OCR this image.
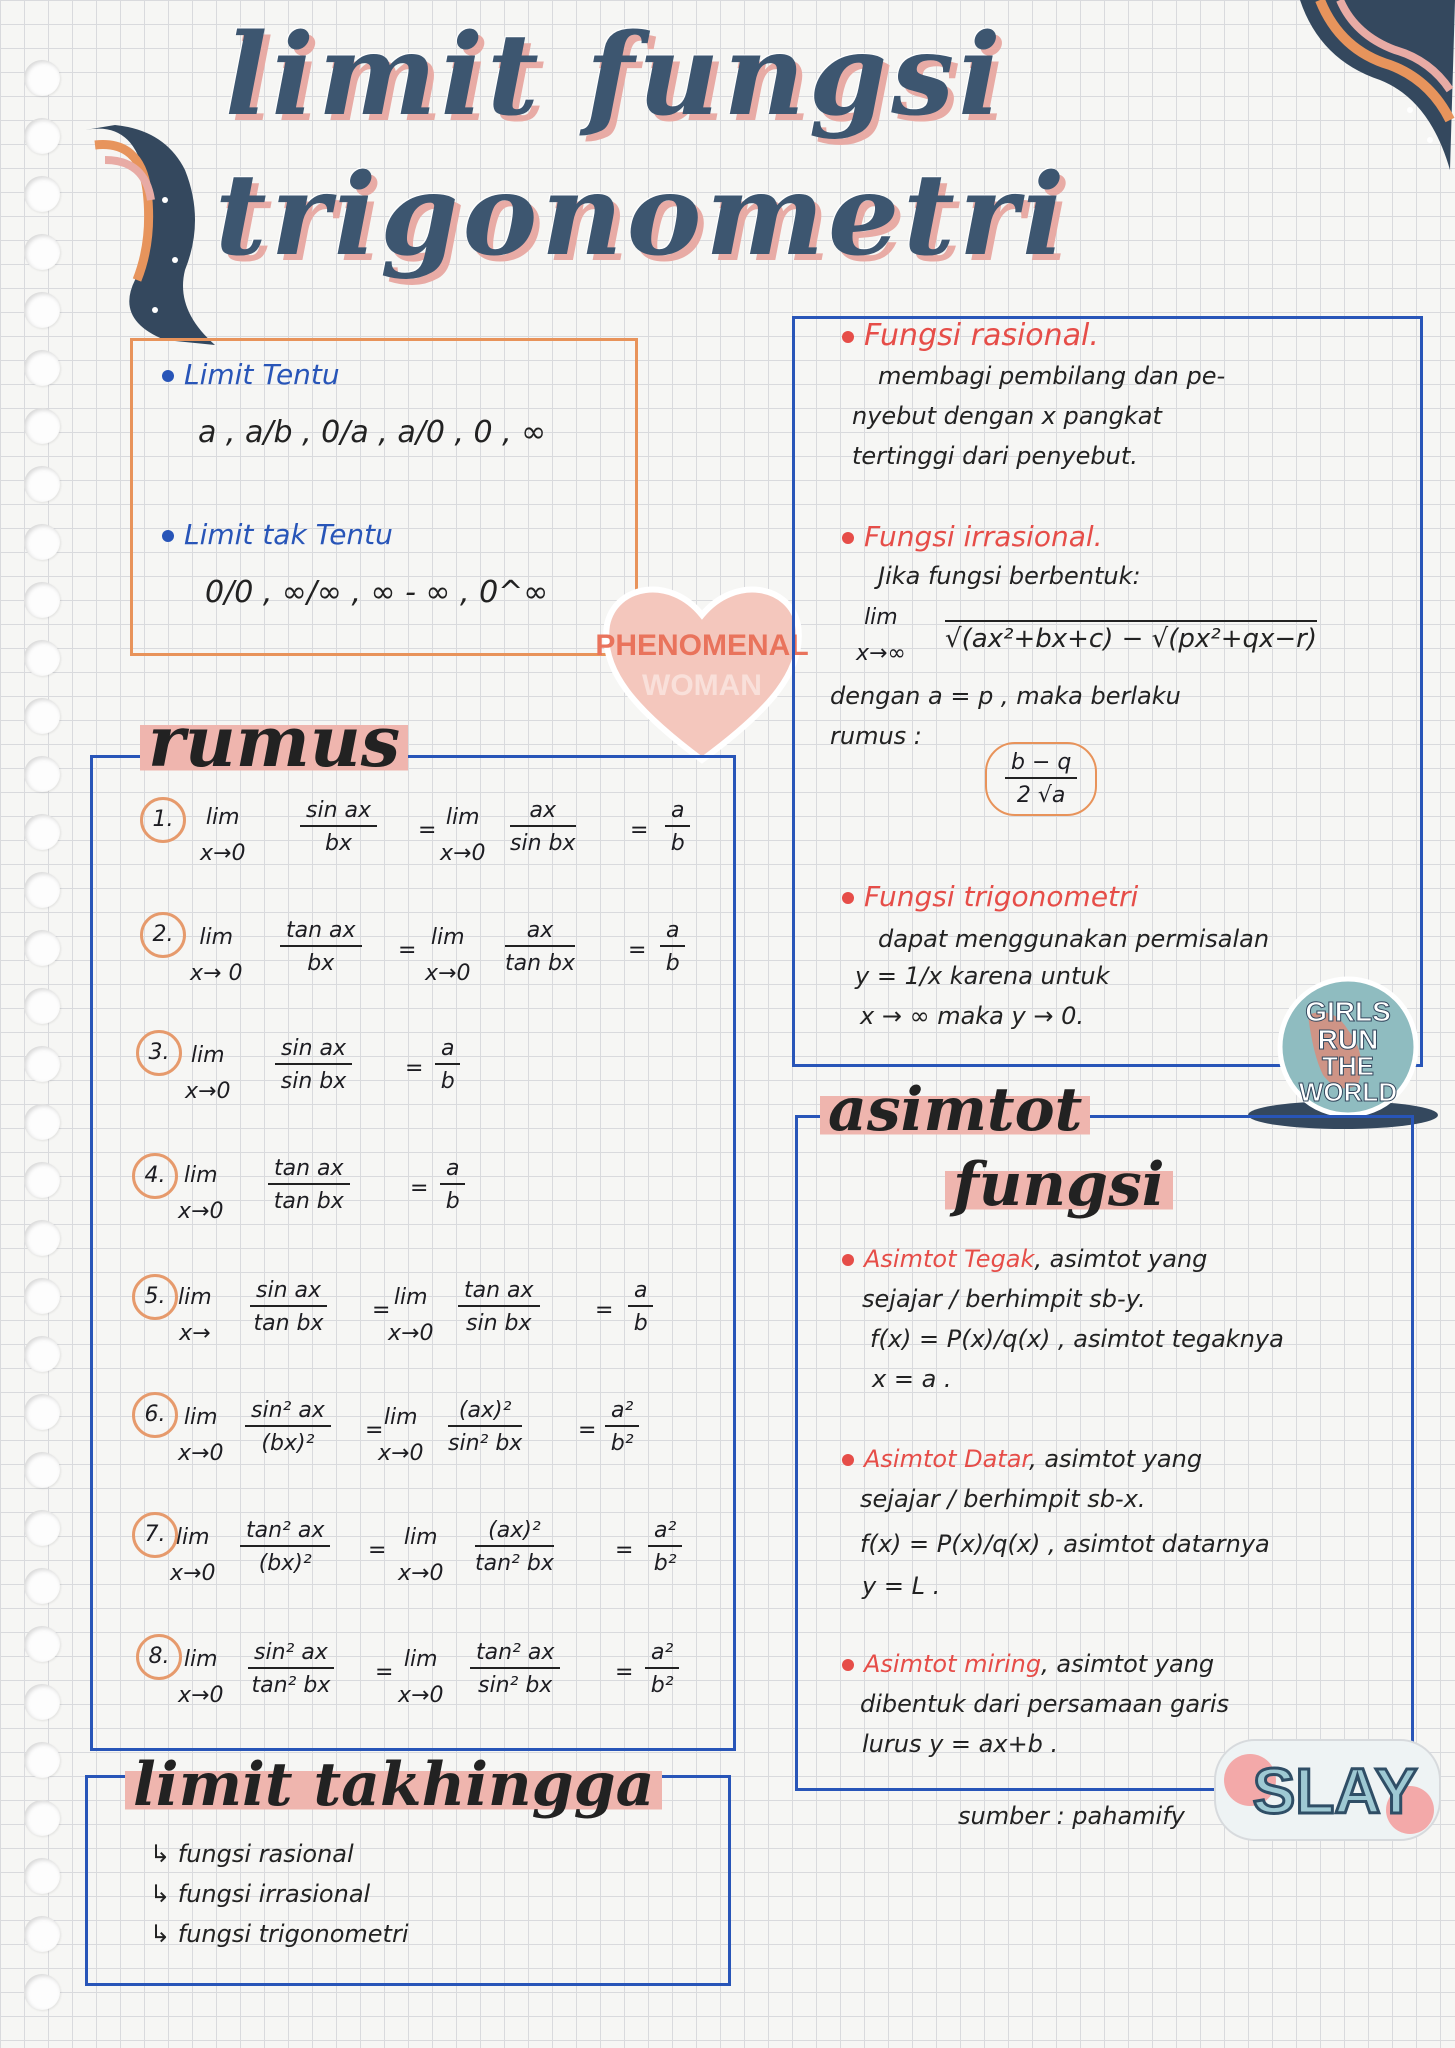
limit fungsi
trigonometri
Limit Tentu
a , a/b , 0/a , a/0 , 0 , ∞
Limit tak Tentu
0/0 , ∞/∞ , ∞ - ∞ , 0^∞
PHENOMENAL
WOMAN
rumus
1.	lim
$x\to 0 \frac{\text{sin ax}}{bx}$ =
lim
$x\to 0 \frac{ax}{\text{sin bx}} = \frac{a}{b}$
2.	lim
$x\to 0 \frac{\text{tan ax}}{bx}$ =
lim
$x\to 0 \frac{ax}{\text{tan bx}} = \frac{a}{b}$
3. lim
$x\to 0 \frac{\text{sin ax}}{\text{sin bx}} = \frac{a}{b}$
4. lim
$x\to 0 \frac{\text{tan ax}}{\text{tan bx}}$	= $\frac{a}{b}$
5. lim
$x\to \frac{\text{sin ax}}{\text{tan bx}}$ =
lim
$x\to 0 \frac{\text{tan ax}}{\text{sin bx}}$	= $\frac{a}{b}$
6. lim
$x\to 0 \frac{\text{sin² ax}}{\text{(bx)²}}$ =
lim
$x\to 0 \frac{\text{(ax)²}}{\text{sin² bx}}$	= $\frac{\text{a²}}{\text{b²}}$
7. lim
$x\to 0 \frac{\text{tan² ax}}{\text{(bx)²}}$ =
lim
$x\to 0 \frac{\text{(ax)²}}{\text{tan² bx}}$	= $\frac{\text{a²}}{\text{b²}}$
8. lim
$x\to 0 \frac{\text{sin² ax}}{\text{tan² bx}}$ =
lim
$x\to 0 \frac{\text{tan² ax}}{\text{sin² bx}} = \frac{\text{a²}}{\text{b²}}$
limit takhingga
↳ fungsi rasional
↳ fungsi irrasional
↳ fungsi trigonometri
Fungsi rasional.
membagi pembilang dan pe-
nyebut dengan x pangkat
tertinggi dari penyebut.
Fungsi irrasional.
Jika fungsi berbentuk:
lim
x→∞ √(ax²+bx+c) − √(px²+qx−r)
dengan a = p , maka berlaku
rumus :
$\frac{b - q}{2 √a}$
Fungsi trigonometri
dapat menggunakan permisalan
y = 1/x karena untuk
x → ∞ maka y → 0.	GIRLS
RUN
THE
WORLD
asimtot
fungsi
Asimtot Tegak, asimtot yang
sejajar / berhimpit sb-y.
f(x) = P(x)/q(x) , asimtot tegaknya
x = a .
Asimtot Datar, asimtot yang
sejajar / berhimpit sb-x.
f(x) = P(x)/q(x) , asimtot datarnya
y = L .
Asimtot miring, asimtot yang
dibentuk dari persamaan garis
lurus y = ax+b .
sumber : pahamify SLAY
